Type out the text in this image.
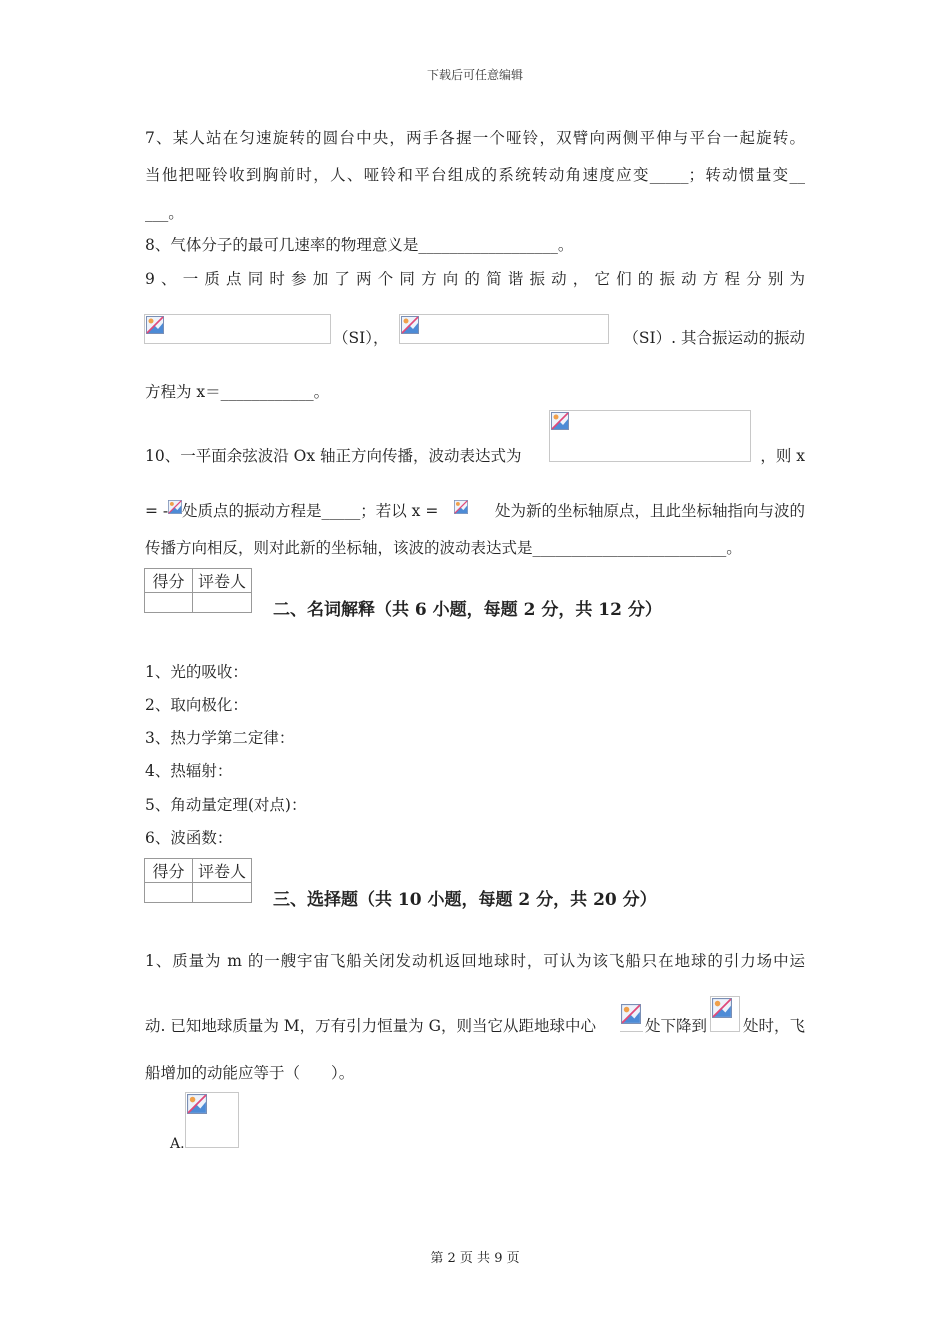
下载后可任意编辑
7、某人站在匀速旋转的圆台中央，两手各握一个哑铃，双臂向两侧平伸与平台一起旋转。
当他把哑铃收到胸前时，人、哑铃和平台组成的系统转动角速度应变_____；转动惯量变__
___。
8、气体分子的最可几速率的物理意义是__________________。
9、一质点同时参加了两个同方向的简谐振动，它们的振动方程分别为
（SI），	（SI）. 其合振运动的振动
方程为 x＝____________。
10、一平面余弦波沿 Ox 轴正方向传播，波动表达式为	，则 x
= - 处质点的振动方程是_____；若以 x =	处为新的坐标轴原点，且此坐标轴指向与波的
传播方向相反，则对此新的坐标轴，该波的波动表达式是_________________________。
得分	评卷人

二、名词解释（共 6 小题，每题 2 分，共 12 分）
1、光的吸收：
2、取向极化：
3、热力学第二定律：
4、热辐射：
5、角动量定理(对点)：
6、波函数：
得分	评卷人

三、选择题（共 10 小题，每题 2 分，共 20 分）
1、质量为 m 的一艘宇宙飞船关闭发动机返回地球时，可认为该飞船只在地球的引力场中运
动. 已知地球质量为 M，万有引力恒量为 G，则当它从距地球中心	处下降到 处时，飞
船增加的动能应等于（　　）。
A.
第 2 页 共 9 页
